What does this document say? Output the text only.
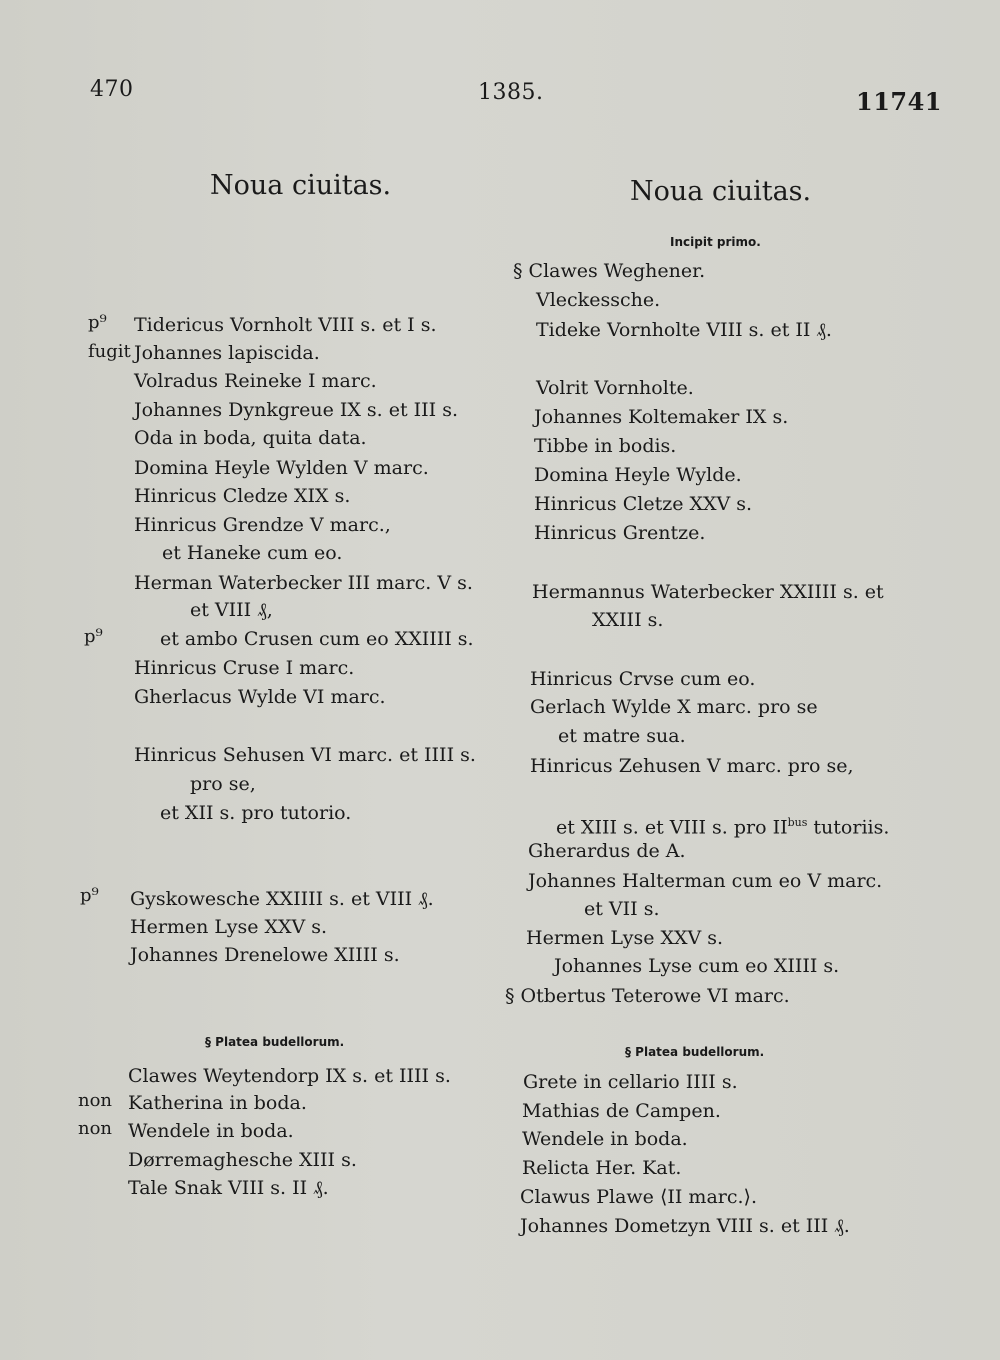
470	1385.	11741
Noua ciuitas.	Noua ciuitas.
Incipit primo.
Tidericus Vornholt VIII s. et I s.
Johannes lapiscida.
Volradus Reineke I marc.
Johannes Dynkgreue IX s. et III s.
Oda in boda, quita data.
Domina Heyle Wylden V marc.
Hinricus Cledze XIX s.
Hinricus Grendze V marc.,
et Haneke cum eo.
Herman Waterbecker III marc. V s.
et VIII ₰,
et ambo Crusen cum eo XXIIII s.
Hinricus Cruse I marc.
Gherlacus Wylde VI marc.
Hinricus Sehusen VI marc. et IIII s.
pro se,
et XII s. pro tutorio.
Gyskowesche XXIIII s. et VIII ₰.
Hermen Lyse XXV s.
Johannes Drenelowe XIIII s.
p⁹
fugit
p⁹
p⁹
§ Clawes Weghener.
Vleckessche.
Tideke Vornholte VIII s. et II ₰.
Volrit Vornholte.
Johannes Koltemaker IX s.
Tibbe in bodis.
Domina Heyle Wylde.
Hinricus Cletze XXV s.
Hinricus Grentze.
Hermannus Waterbecker XXIIII s. et
XXIII s.
Hinricus Crvse cum eo.
Gerlach Wylde X marc. pro se
et matre sua.
Hinricus Zehusen V marc. pro se,
et XIII s. et VIII s. pro $II^{bus}$ tutoriis.
Gherardus de A.
Johannes Halterman cum eo V marc.
et VII s.
Hermen Lyse XXV s.
Johannes Lyse cum eo XIIII s.
§ Otbertus Teterowe VI marc.
§ Platea budellorum.
§ Platea budellorum.
Clawes Weytendorp IX s. et IIII s.
Katherina in boda.
Wendele in boda.
Dørremaghesche XIII s.
Tale Snak VIII s. II ₰.
non
non
Grete in cellario IIII s.
Mathias de Campen.
Wendele in boda.
Relicta Her. Kat.
Clawus Plawe ⟨II marc.⟩.
Johannes Dometzyn VIII s. et III ₰.
